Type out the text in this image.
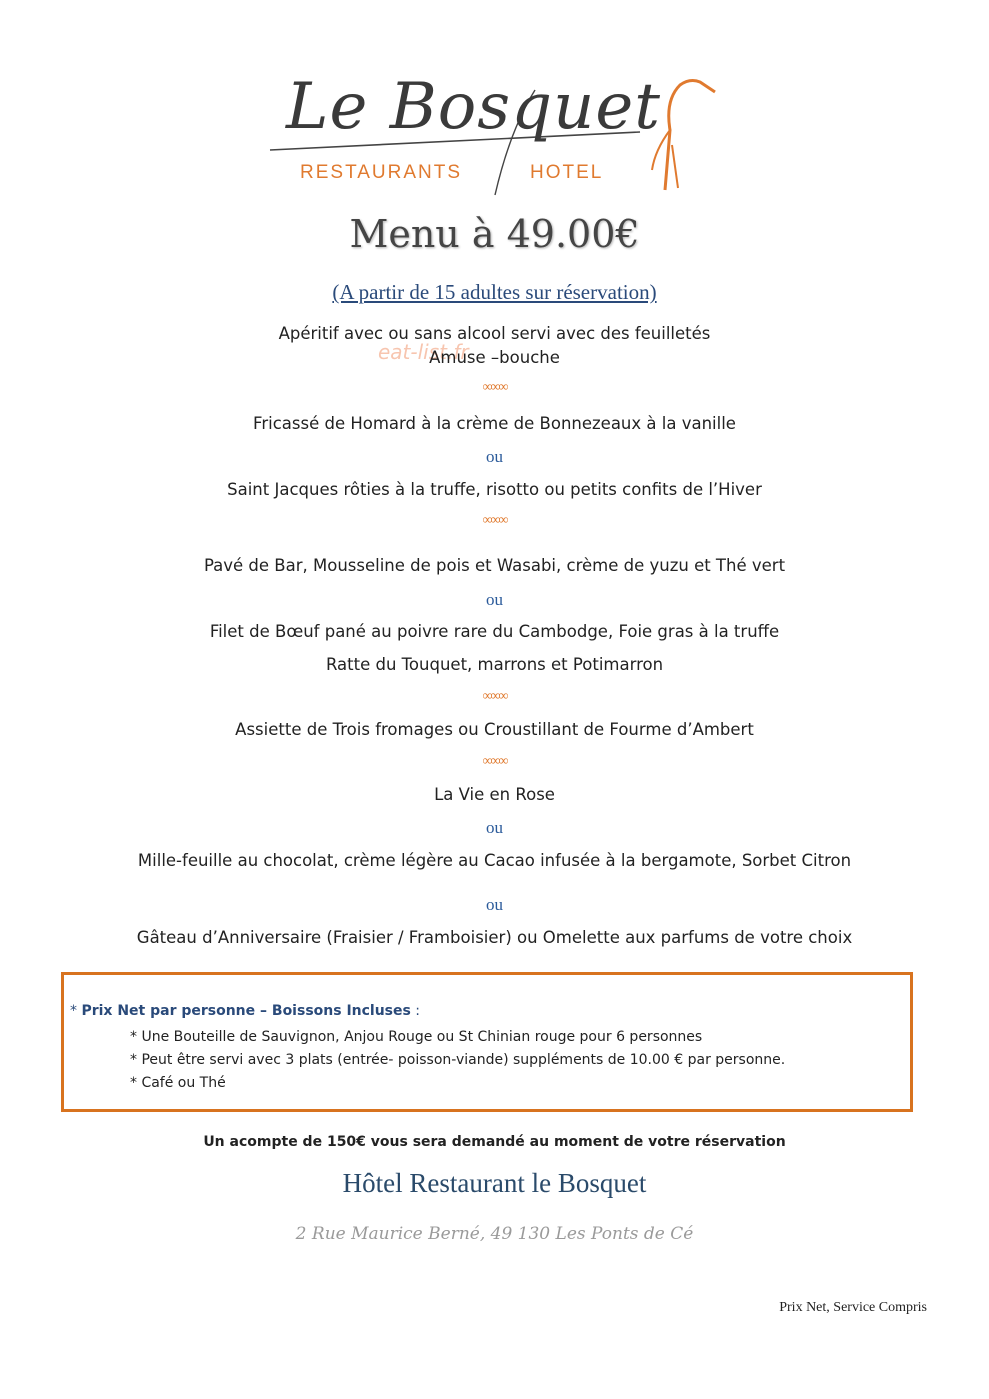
Le Bosquet
RESTAURANTS	HOTEL
Menu à 49.00€
(A partir de 15 adultes sur réservation)
eat-list.fr
Apéritif avec ou sans alcool servi avec des feuilletés
Amuse –bouche
∞∞∞
Fricassé de Homard à la crème de Bonnezeaux à la vanille
ou
Saint Jacques rôties à la truffe, risotto ou petits confits de l’Hiver
∞∞∞
Pavé de Bar, Mousseline de pois et Wasabi, crème de yuzu et Thé vert
ou
Filet de Bœuf pané au poivre rare du Cambodge, Foie gras à la truffe
Ratte du Touquet, marrons et Potimarron
∞∞∞
Assiette de Trois fromages ou Croustillant de Fourme d’Ambert
∞∞∞
La Vie en Rose
ou
Mille-feuille au chocolat, crème légère au Cacao infusée à la bergamote, Sorbet Citron
ou
Gâteau d’Anniversaire (Fraisier / Framboisier) ou Omelette aux parfums de votre choix
* Prix Net par personne – Boissons Incluses :
* Une Bouteille de Sauvignon, Anjou Rouge ou St Chinian rouge pour 6 personnes
* Peut être servi avec 3 plats (entrée- poisson-viande) suppléments de 10.00 € par personne.
* Café ou Thé
Un acompte de 150€ vous sera demandé au moment de votre réservation
Hôtel Restaurant le Bosquet
2 Rue Maurice Berné, 49 130 Les Ponts de Cé
Prix Net, Service Compris
